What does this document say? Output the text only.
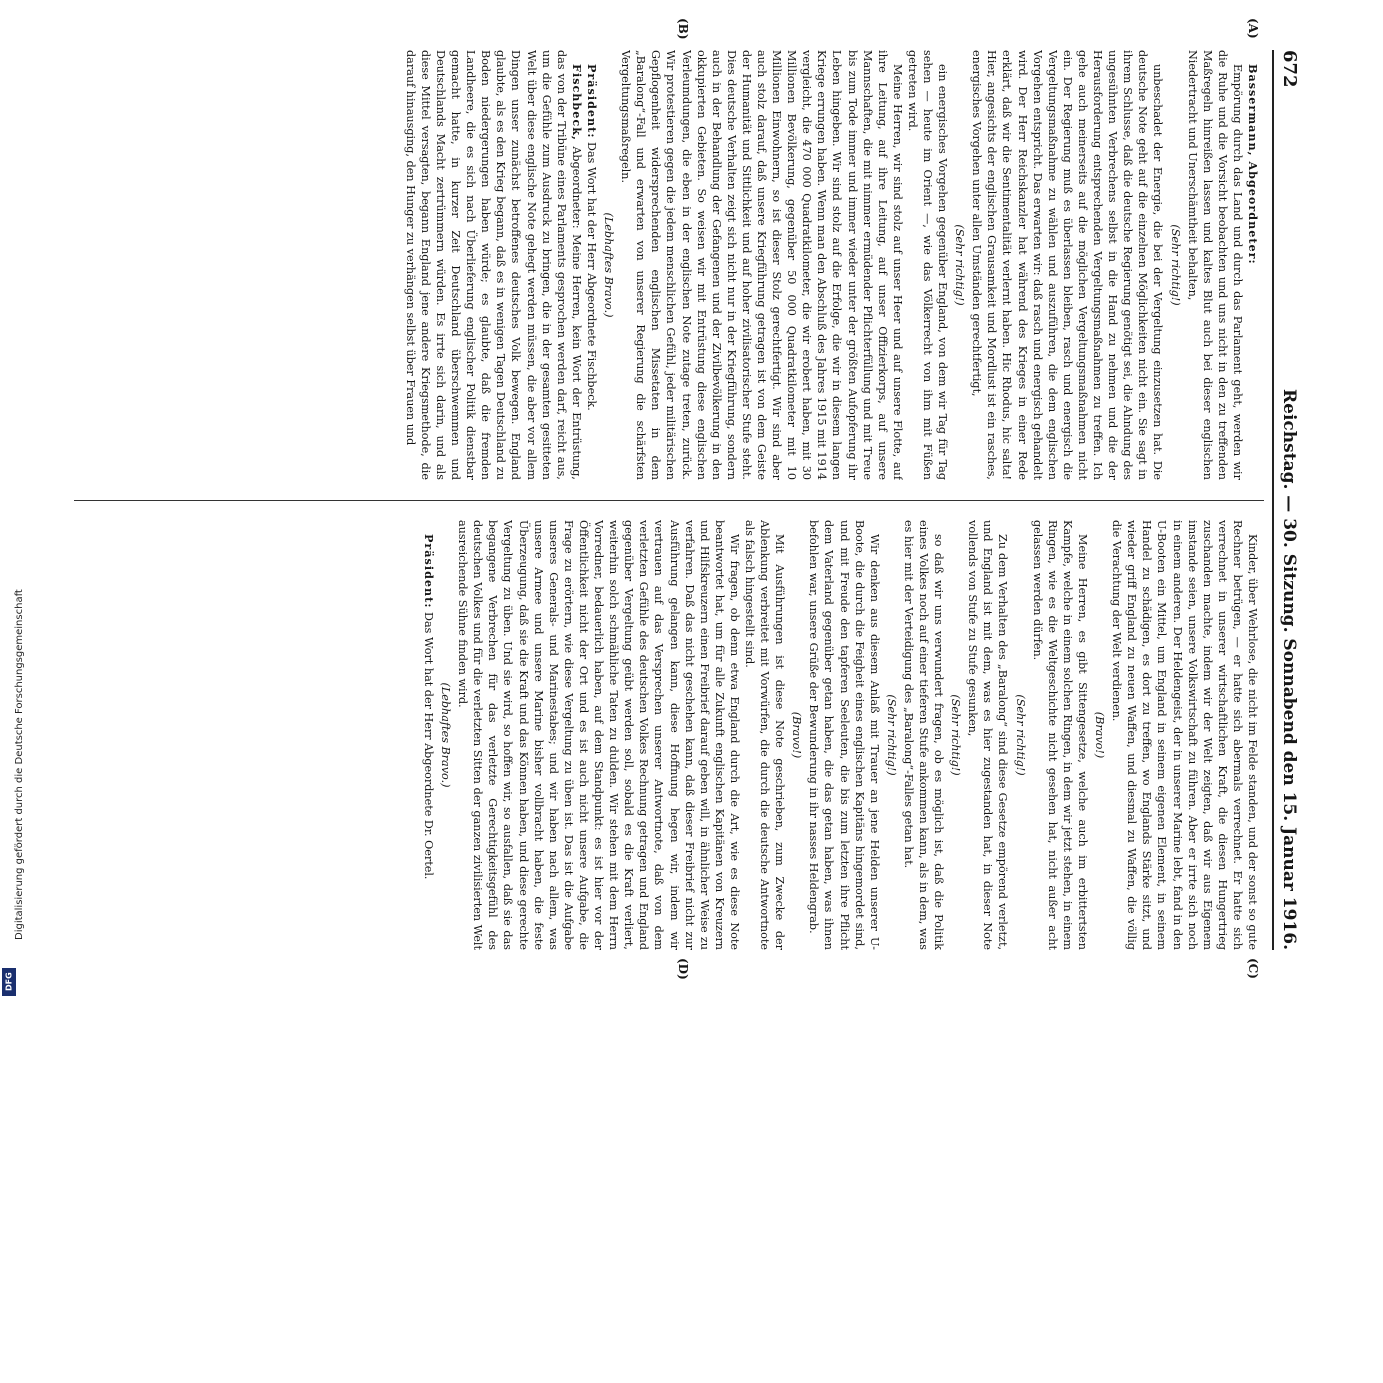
672
Reichstag. — 30. Sitzung. Sonnabend den 15. Januar 1916.
(A)
(B)
(C)
(D)

Bassermann, Abgeordneter:

Empörung durch das Land und durch das Parlament geht, werden wir die Ruhe und die Vorsicht beobachten und uns nicht in den zu treffenden Maßregeln hinreißen lassen und kaltes Blut auch bei dieser englischen Niedertracht und Unerschämtheit behalten,

(Sehr richtig!)

unbeschadet der Energie, die bei der Vergeltung einzusetzen hat. Die deutsche Note geht auf die einzelnen Möglichkeiten nicht ein. Sie sagt in ihrem Schlusse, daß die deutsche Regierung genötigt sei, die Ahndung des ungesühnten Verbrechens selbst in die Hand zu nehmen und die der Herausforderung entsprechenden Vergeltungsmaßnahmen zu treffen. Ich gehe auch meinerseits auf die möglichen Vergeltungsmaßnahmen nicht ein. Der Regierung muß es überlassen bleiben, rasch und energisch die Vergeltungsmaßnahme zu wählen und auszuführen, die dem englischen Vorgehen entspricht. Das erwarten wir: daß rasch und energisch gehandelt wird. Der Herr Reichskanzler hat während des Krieges in einer Rede erklärt, daß wir die Sentimentalität verlernt haben. Hic Rhodus, hic salta! Hier, angesichts der englischen Grausamkeit und Mordlust ist ein rasches, energisches Vorgehen unter allen Umständen gerechtfertigt,

(Sehr richtig!)

ein energisches Vorgehen gegenüber England, von dem wir Tag für Tag sehen — heute im Orient —, wie das Völkerrecht von ihm mit Füßen getreten wird.

Meine Herren, wir sind stolz auf unser Heer und auf unsere Flotte, auf ihre Leitung, auf ihre Leitung, auf unser Offizierkorps, auf unsere Mannschaften, die mit nimmer ermüdender Pflichterfüllung und mit Treue bis zum Tode immer und immer wieder unter der größten Aufopferung ihr Leben hingeben. Wir sind stolz auf die Erfolge, die wir in diesem langen Kriege errungen haben. Wenn man den Abschluß des Jahres 1915 mit 1914 vergleicht, die 470 000 Quadratkilometer, die wir erobert haben, mit 30 Millionen Bevölkerung, gegenüber 50 000 Quadratkilometer mit 10 Millionen Einwohnern, so ist dieser Stolz gerechtfertigt. Wir sind aber auch stolz darauf, daß unsere Kriegführung getragen ist von dem Geiste der Humanität und Sittlichkeit und auf hoher zivilisatorischer Stufe steht. Dies deutsche Verhalten zeigt sich nicht nur in der Kriegführung, sondern auch in der Behandlung der Gefangenen und der Zivilbevölkerung in den okkupierten Gebieten. So weisen wir mit Entrüstung diese englischen Verleumdungen, die eben in der englischen Note zutage treten, zurück. Wir protestieren gegen die jedem menschlichen Gefühl, jeder militärischen Gepflogenheit widersprechenden englischen Missetaten in dem „Baralong“-Fall und erwarten von unserer Regierung die schärfsten Vergeltungsmaßregeln.

(Lebhaftes Bravo.)

Präsident: Das Wort hat der Herr Abgeordnete Fischbeck.

Fischbeck, Abgeordneter: Meine Herren, kein Wort der Entrüstung, das von der Tribüne eines Parlaments gesprochen werden darf, reicht aus, um die Gefühle zum Ausdruck zu bringen, die in der gesamten gesitteten Welt über diese englische Note gehegt werden müssen, die aber vor allem Dingen unser zunächst betroffenes deutsches Volk bewegen. England glaubte, als es den Krieg begann, daß es in wenigen Tagen Deutschland zu Boden niedergerungen haben würde; es glaubte, daß die fremden Landheere, die es sich nach Überlieferung englischer Politik dienstbar gemacht hatte, in kurzer Zeit Deutschland überschwemmen und Deutschlands Macht zertrümmern würden. Es irrte sich darin, und als diese Mittel versagten, begann England jene andere Kriegsmethode, die darauf hinausging, den Hunger zu verhängen selbst über Frauen und

Kinder, über Wehrlose, die nicht im Felde standen, und der sonst so gute Rechner betrügen, — er hatte sich abermals verrechnet. Er hatte sich verrechnet in unserer wirtschaftlichen Kraft, die diesen Hungertrieg zuschanden machte, indem wir der Welt zeigten, daß wir aus Eigenem imstande seien, unsere Volkswirtschaft zu führen. Aber er irrte sich noch in einem anderen. Der Heldengeist, der in unserer Marine lebt, fand in den U-Booten ein Mittel, um England in seinem eigenen Element, in seinem Handel zu schädigen, es dort zu treffen, wo Englands Stärke sitzt, und wieder griff England zu neuen Waffen, und diesmal zu Waffen, die völlig die Verachtung der Welt verdienen.

(Bravo!)

Meine Herren, es gibt Sittengesetze, welche auch im erbittertsten Kampfe, welche in einem solchen Ringen, in dem wir jetzt stehen, in einem Ringen, wie es die Weltgeschichte nicht gesehen hat, nicht außer acht gelassen werden dürfen.

(Sehr richtig!)

Zu dem Verhalten des „Baralong“ sind diese Gesetze empörend verletzt, und England ist mit dem, was es hier zugestanden hat, in dieser Note vollends von Stufe zu Stufe gesunken,

(Sehr richtig!)

so daß wir uns verwundert fragen, ob es möglich ist, daß die Politik eines Volkes noch auf einer tieferen Stufe ankommen kann, als in dem, was es hier mit der Verteidigung des „Baralong“-Falles getan hat.

(Sehr richtig!)

Wir denken aus diesem Anlaß mit Trauer an jene Helden unserer U-Boote, die durch die Feigheit eines englischen Kapitäns hingemordet sind, und mit Freude den tapferen Seeleuten, die bis zum letzten ihre Pflicht dem Vaterland gegenüber getan haben, die das getan haben, was ihnen befohlen war, unsere Grüße der Bewunderung in ihr nasses Heldengrab.

(Bravo!)

Mit Ausführungen ist diese Note geschrieben, zum Zwecke der Ablenkung verbreitet mit Vorwürfen, die durch die deutsche Antwortnote als falsch hingestellt sind.

Wir fragen, ob denn etwa England durch die Art, wie es diese Note beantwortet hat, um für alle Zukunft englischen Kapitänen von Kreuzern und Hilfskreuzern einen Freibrief darauf geben will, in ähnlicher Weise zu verfahren. Daß das nicht geschehen kann, daß dieser Freibrief nicht zur Ausführung gelangen kann, diese Hoffnung hegen wir, indem wir vertrauen auf das Versprechen unserer Antwortnote, daß von dem verletzten Gefühle des deutschen Volkes Rechnung getragen und England gegenüber Vergeltung geübt werden soll, sobald es die Kraft verliert, weiterhin solch schmähliche Taten zu dulden. Wir stehen mit dem Herrn Vorredner, bedauerlich haben, auf dem Standpunkt: es ist hier vor der Öffentlichkeit nicht der Ort und es ist auch nicht unsere Aufgabe, die Frage zu erörtern, wie diese Vergeltung zu üben ist. Das ist die Aufgabe unseres Generals- und Marinestabes; und wir haben nach allem, was unsere Armee und unsere Marine bisher vollbracht haben, die feste Überzeugung, daß sie die Kraft und das Können haben, und diese gerechte Vergeltung zu üben. Und sie wird, so hoffen wir, so ausfallen, daß sie das begangene Verbrechen für das verletzte Gerechtigkeitsgefühl des deutschen Volkes und für die verletzten Sitten der ganzen zivilisierten Welt ausreichende Sühne finden wird.

(Lebhaftes Bravo.)

Präsident: Das Wort hat der Herr Abgeordnete Dr. Oertel.

Digitalisierung gefördert durch die Deutsche Forschungsgemeinschaft
DFG
